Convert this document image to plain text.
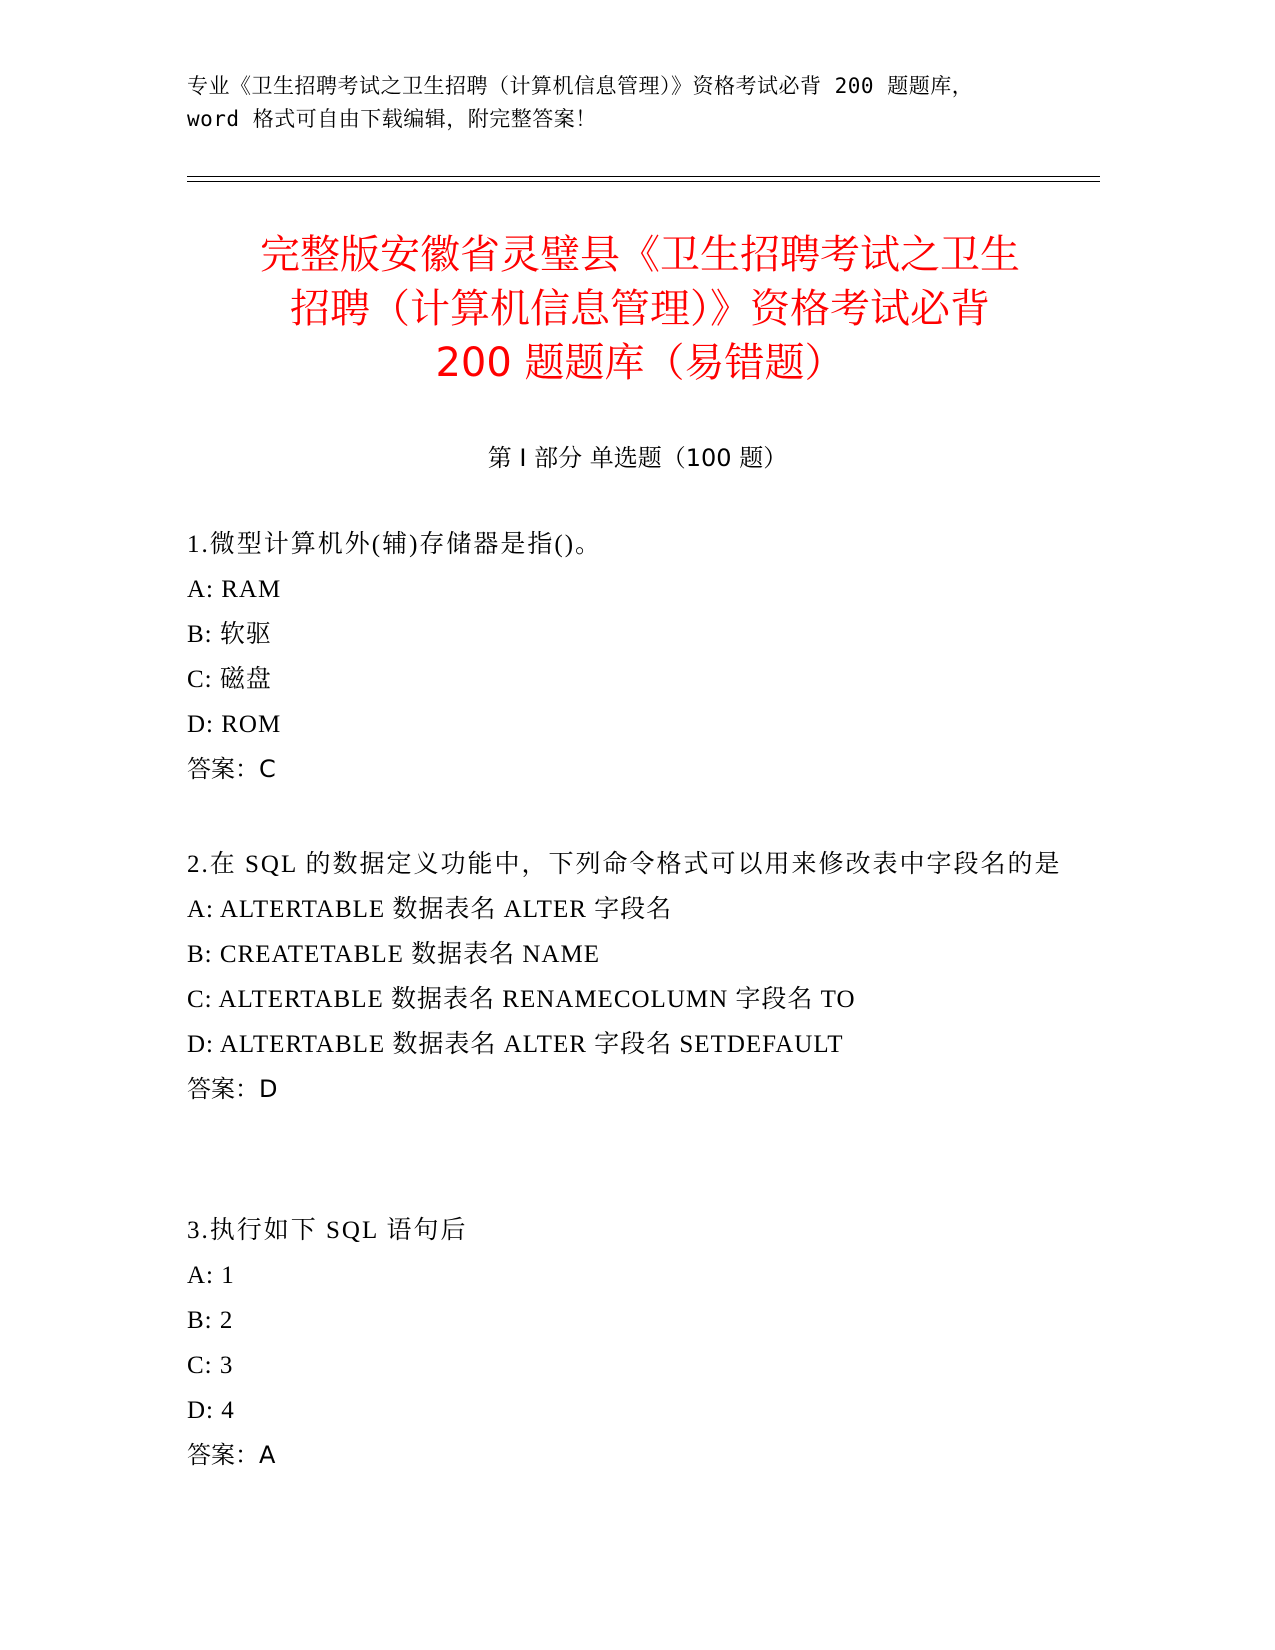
专业《卫生招聘考试之卫生招聘（计算机信息管理）》资格考试必背 200 题题库，
word 格式可自由下载编辑，附完整答案！
完整版安徽省灵璧县《卫生招聘考试之卫生
招聘（计算机信息管理）》资格考试必背
200 题题库（易错题）
第 I 部分 单选题（100 题）
1.微型计算机外(辅)存储器是指()。
A: RAM
B: 软驱
C: 磁盘
D: ROM
答案：C
2.在 SQL 的数据定义功能中，下列命令格式可以用来修改表中字段名的是
A: ALTERTABLE 数据表名 ALTER 字段名
B: CREATETABLE 数据表名 NAME
C: ALTERTABLE 数据表名 RENAMECOLUMN 字段名 TO
D: ALTERTABLE 数据表名 ALTER 字段名 SETDEFAULT
答案：D
3.执行如下 SQL 语句后
A: 1
B: 2
C: 3
D: 4
答案：A
